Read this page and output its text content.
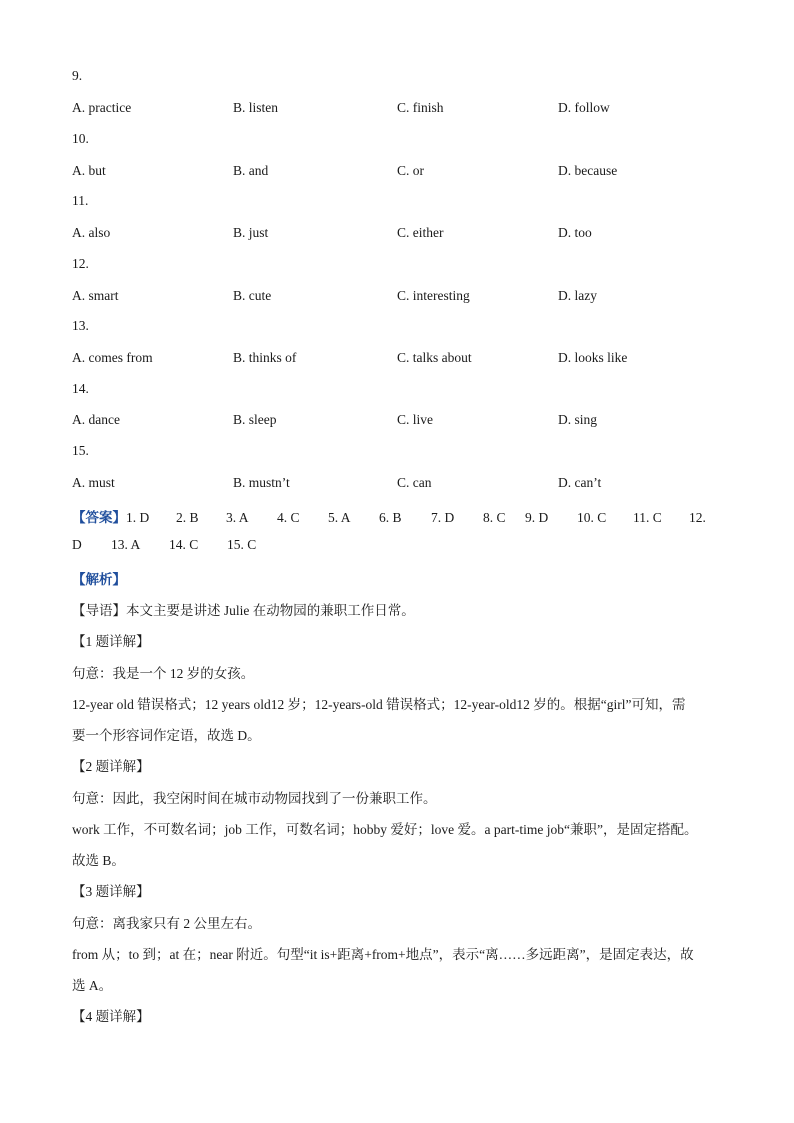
9.
A. practice	B. listen	C. finish	D. follow
10.
A. but	B. and	C. or	D. because
11.
A. also	B. just	C. either	D. too
12.
A. smart	B. cute	C. interesting	D. lazy
13.
A. comes from	B. thinks of	C. talks about	D. looks like
14.
A. dance	B. sleep	C. live	D. sing
15.
A. must	B. mustn’t	C. can	D. can’t
【答案】1. D 2. B 3. A 4. C 5. A 6. B 7. D 8. C 9. D 10. C 11. C 12.
D 13. A 14. C 15. C
【解析】
【导语】本文主要是讲述 Julie 在动物园的兼职工作日常。
【1 题详解】
句意：我是一个 12 岁的女孩。
12-year old 错误格式；12 years old12 岁；12-years-old 错误格式；12-year-old12 岁的。根据“girl”可知，需
要一个形容词作定语，故选 D。
【2 题详解】
句意：因此，我空闲时间在城市动物园找到了一份兼职工作。
work 工作，不可数名词；job 工作，可数名词；hobby 爱好；love 爱。a part-time job“兼职”，是固定搭配。
故选 B。
【3 题详解】
句意：离我家只有 2 公里左右。
from 从；to 到；at 在；near 附近。句型“it is+距离+from+地点”，表示“离……多远距离”，是固定表达，故
选 A。
【4 题详解】
